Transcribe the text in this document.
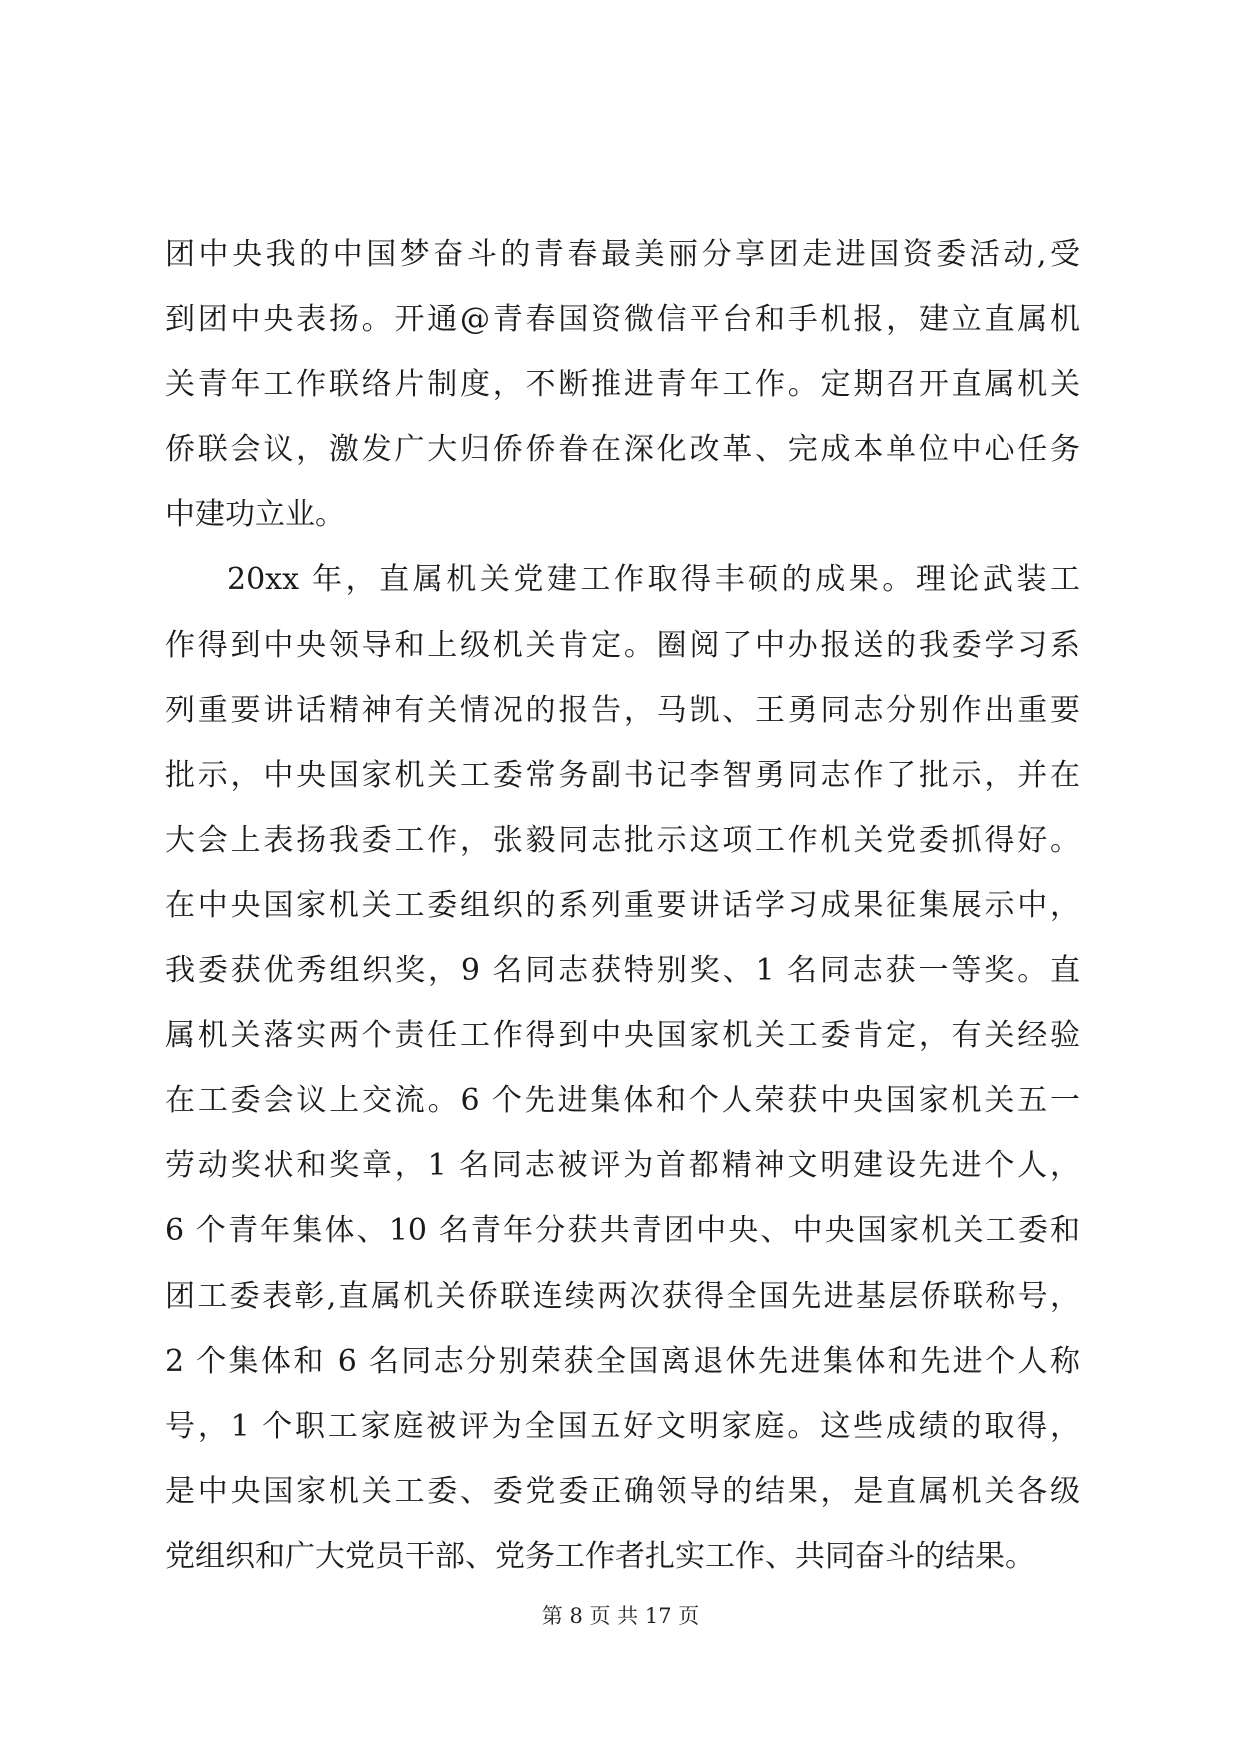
团中央我的中国梦奋斗的青春最美丽分享团走进国资委活动,受
到团中央表扬。开通@青春国资微信平台和手机报，建立直属机
关青年工作联络片制度，不断推进青年工作。定期召开直属机关
侨联会议，激发广大归侨侨眷在深化改革、完成本单位中心任务
中建功立业。
20xx 年，直属机关党建工作取得丰硕的成果。理论武装工
作得到中央领导和上级机关肯定。圈阅了中办报送的我委学习系
列重要讲话精神有关情况的报告，马凯、王勇同志分别作出重要
批示，中央国家机关工委常务副书记李智勇同志作了批示，并在
大会上表扬我委工作，张毅同志批示这项工作机关党委抓得好。
在中央国家机关工委组织的系列重要讲话学习成果征集展示中，
我委获优秀组织奖，9 名同志获特别奖、1 名同志获一等奖。直
属机关落实两个责任工作得到中央国家机关工委肯定，有关经验
在工委会议上交流。6 个先进集体和个人荣获中央国家机关五一
劳动奖状和奖章，1 名同志被评为首都精神文明建设先进个人，
6 个青年集体、10 名青年分获共青团中央、中央国家机关工委和
团工委表彰,直属机关侨联连续两次获得全国先进基层侨联称号，
2 个集体和 6 名同志分别荣获全国离退休先进集体和先进个人称
号，1 个职工家庭被评为全国五好文明家庭。这些成绩的取得，
是中央国家机关工委、委党委正确领导的结果，是直属机关各级
党组织和广大党员干部、党务工作者扎实工作、共同奋斗的结果。
第 8 页 共 17 页
